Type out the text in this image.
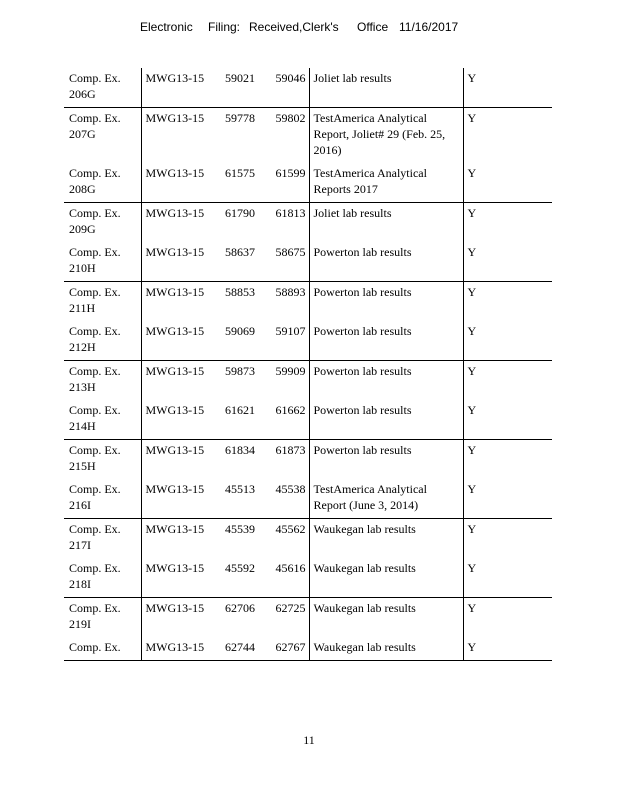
Electronic Filing: Received,Clerk's Office 11/16/2017
Comp. Ex. 206G	MWG13-15	59021	59046	Joliet lab results	Y
Comp. Ex. 207G	MWG13-15	59778	59802	TestAmerica Analytical Report, Joliet# 29 (Feb. 25, 2016)	Y
Comp. Ex. 208G	MWG13-15	61575	61599	TestAmerica Analytical Reports 2017	Y
Comp. Ex. 209G	MWG13-15	61790	61813	Joliet lab results	Y
Comp. Ex. 210H	MWG13-15	58637	58675	Powerton lab results	Y
Comp. Ex. 211H	MWG13-15	58853	58893	Powerton lab results	Y
Comp. Ex. 212H	MWG13-15	59069	59107	Powerton lab results	Y
Comp. Ex. 213H	MWG13-15	59873	59909	Powerton lab results	Y
Comp. Ex. 214H	MWG13-15	61621	61662	Powerton lab results	Y
Comp. Ex. 215H	MWG13-15	61834	61873	Powerton lab results	Y
Comp. Ex. 216I	MWG13-15	45513	45538	TestAmerica Analytical Report (June 3, 2014)	Y
Comp. Ex. 217I	MWG13-15	45539	45562	Waukegan lab results	Y
Comp. Ex. 218I	MWG13-15	45592	45616	Waukegan lab results	Y
Comp. Ex. 219I	MWG13-15	62706	62725	Waukegan lab results	Y
Comp. Ex.	MWG13-15	62744	62767	Waukegan lab results	Y
11
